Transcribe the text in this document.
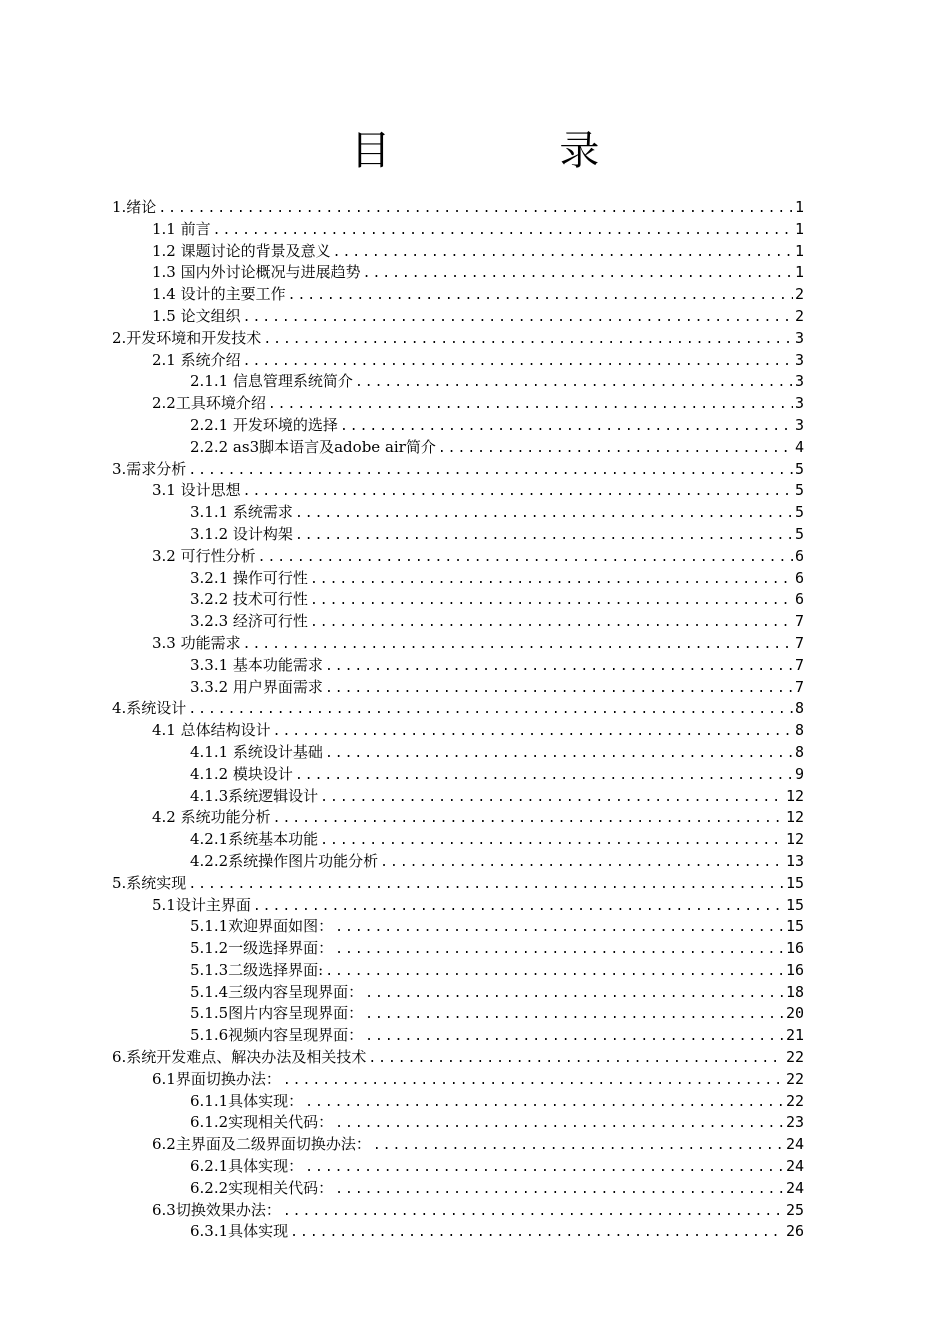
目 录
1.绪论 .....	1
1.1 前言 .....	1
1.2 课题讨论的背景及意义 .....	1
1.3 国内外讨论概况与进展趋势 .....	1
1.4 设计的主要工作 .....	2
1.5 论文组织 .....	2
2.开发环境和开发技术 .....	3
2.1 系统介绍 .....	3
2.1.1 信息管理系统简介 .....	3
2.2工具环境介绍 .....	3
2.2.1 开发环境的选择 .....	3
2.2.2 as3脚本语言及adobe air简介 .....	4
3.需求分析 .....	5
3.1 设计思想 .....	5
3.1.1 系统需求 .....	5
3.1.2 设计构架 .....	5
3.2 可行性分析 .....	6
3.2.1 操作可行性 .....	6
3.2.2 技术可行性 .....	6
3.2.3 经济可行性 .....	7
3.3 功能需求 .....	7
3.3.1 基本功能需求 .....	7
3.3.2 用户界面需求 .....	7
4.系统设计 .....	8
4.1 总体结构设计 .....	8
4.1.1 系统设计基础 .....	8
4.1.2 模块设计 .....	9
4.1.3系统逻辑设计 .....	12
4.2 系统功能分析 .....	12
4.2.1系统基本功能 .....	12
4.2.2系统操作图片功能分析 .....	13
5.系统实现 .....	15
5.1设计主界面 .....	15
5.1.1欢迎界面如图： .....	15
5.1.2一级选择界面： .....	16
5.1.3二级选择界面: .....	16
5.1.4三级内容呈现界面： .....	18
5.1.5图片内容呈现界面： .....	20
5.1.6视频内容呈现界面： .....	21
6.系统开发难点、解决办法及相关技术 .....	22
6.1界面切换办法： .....	22
6.1.1具体实现： .....	22
6.1.2实现相关代码： .....	23
6.2主界面及二级界面切换办法： .....	24
6.2.1具体实现： .....	24
6.2.2实现相关代码： .....	24
6.3切换效果办法： .....	25
6.3.1具体实现 .....	26
